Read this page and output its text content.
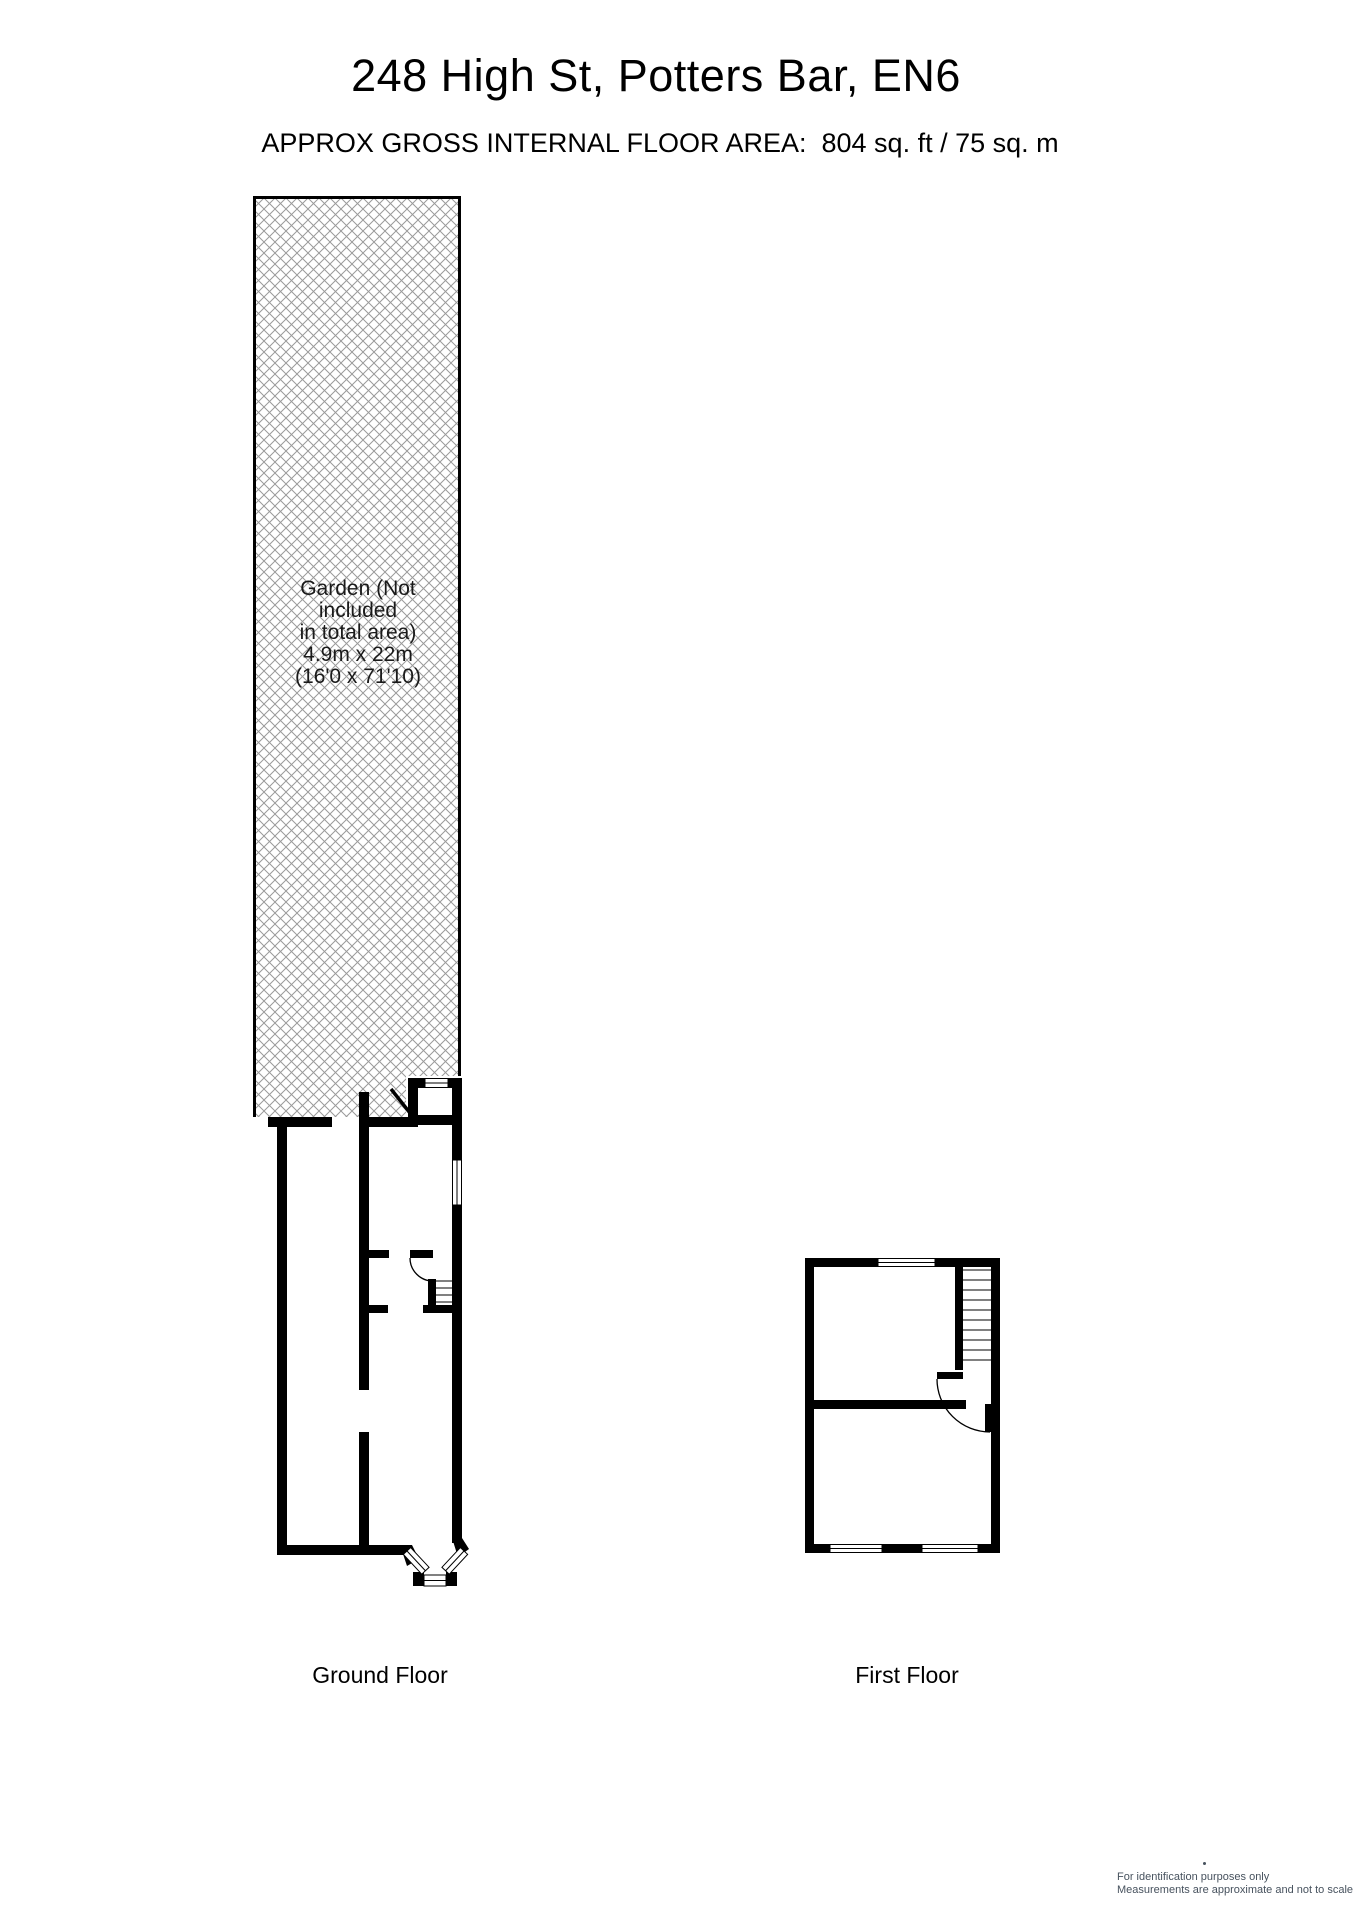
248 High St, Potters Bar, EN6
APPROX GROSS INTERNAL FLOOR AREA:  804 sq. ft / 75 sq. m
Garden (Not
included
in total area)
4.9m x 22m
(16'0 x 71'10)
Ground Floor	First Floor
For identification purposes only
Measurements are approximate and not to scale
